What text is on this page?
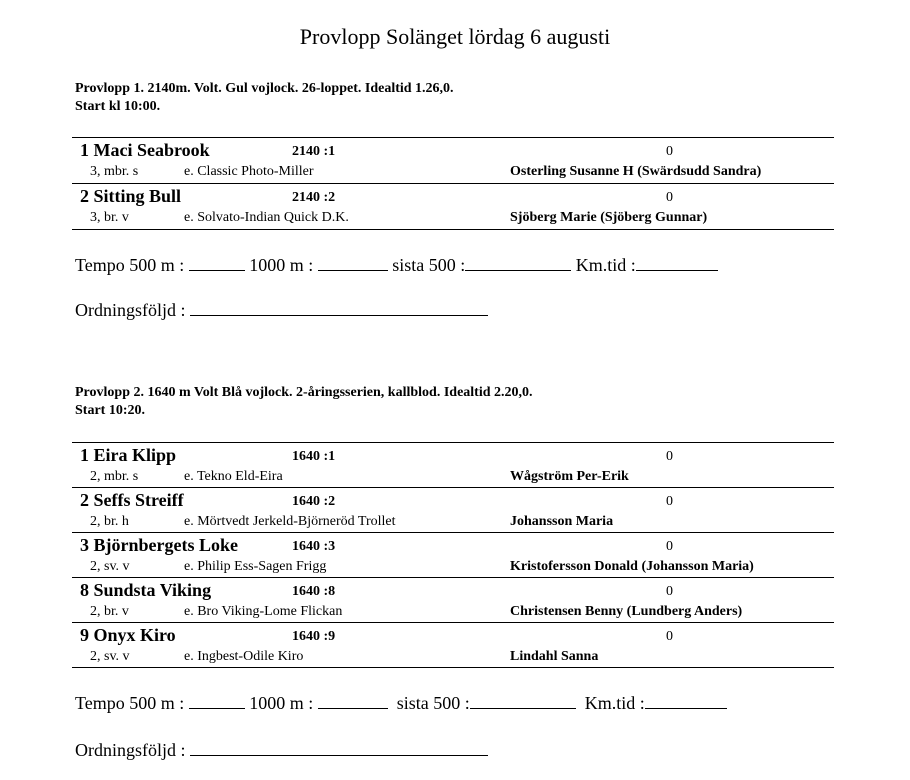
Provlopp Solänget lördag 6 augusti
Provlopp 1. 2140m. Volt. Gul vojlock. 26-loppet. Idealtid 1.26,0.
Start kl 10:00.
1 Maci Seabrook	2140 :1	0
3, mbr. s	e. Classic Photo-Miller	Osterling Susanne H (Swärdsudd Sandra)
2 Sitting Bull	2140 :2	0
3, br. v	e. Solvato-Indian Quick D.K.	Sjöberg Marie (Sjöberg Gunnar)
Tempo 500 m :	1000 m :	sista 500 :	Km.tid :
Ordningsföljd :
Provlopp 2. 1640 m Volt Blå vojlock. 2-åringsserien, kallblod. Idealtid 2.20,0.
Start 10:20.
1 Eira Klipp	1640 :1	0
2, mbr. s	e. Tekno Eld-Eira	Wågström Per-Erik
2 Seffs Streiff	1640 :2	0
2, br. h	e. Mörtvedt Jerkeld-Björneröd Trollet	Johansson Maria
3 Björnbergets Loke	1640 :3	0
2, sv. v	e. Philip Ess-Sagen Frigg	Kristofersson Donald (Johansson Maria)
8 Sundsta Viking	1640 :8	0
2, br. v	e. Bro Viking-Lome Flickan	Christensen Benny (Lundberg Anders)
9 Onyx Kiro	1640 :9	0
2, sv. v	e. Ingbest-Odile Kiro	Lindahl Sanna
Tempo 500 m :	1000 m :	sista 500 :	Km.tid :
Ordningsföljd :
